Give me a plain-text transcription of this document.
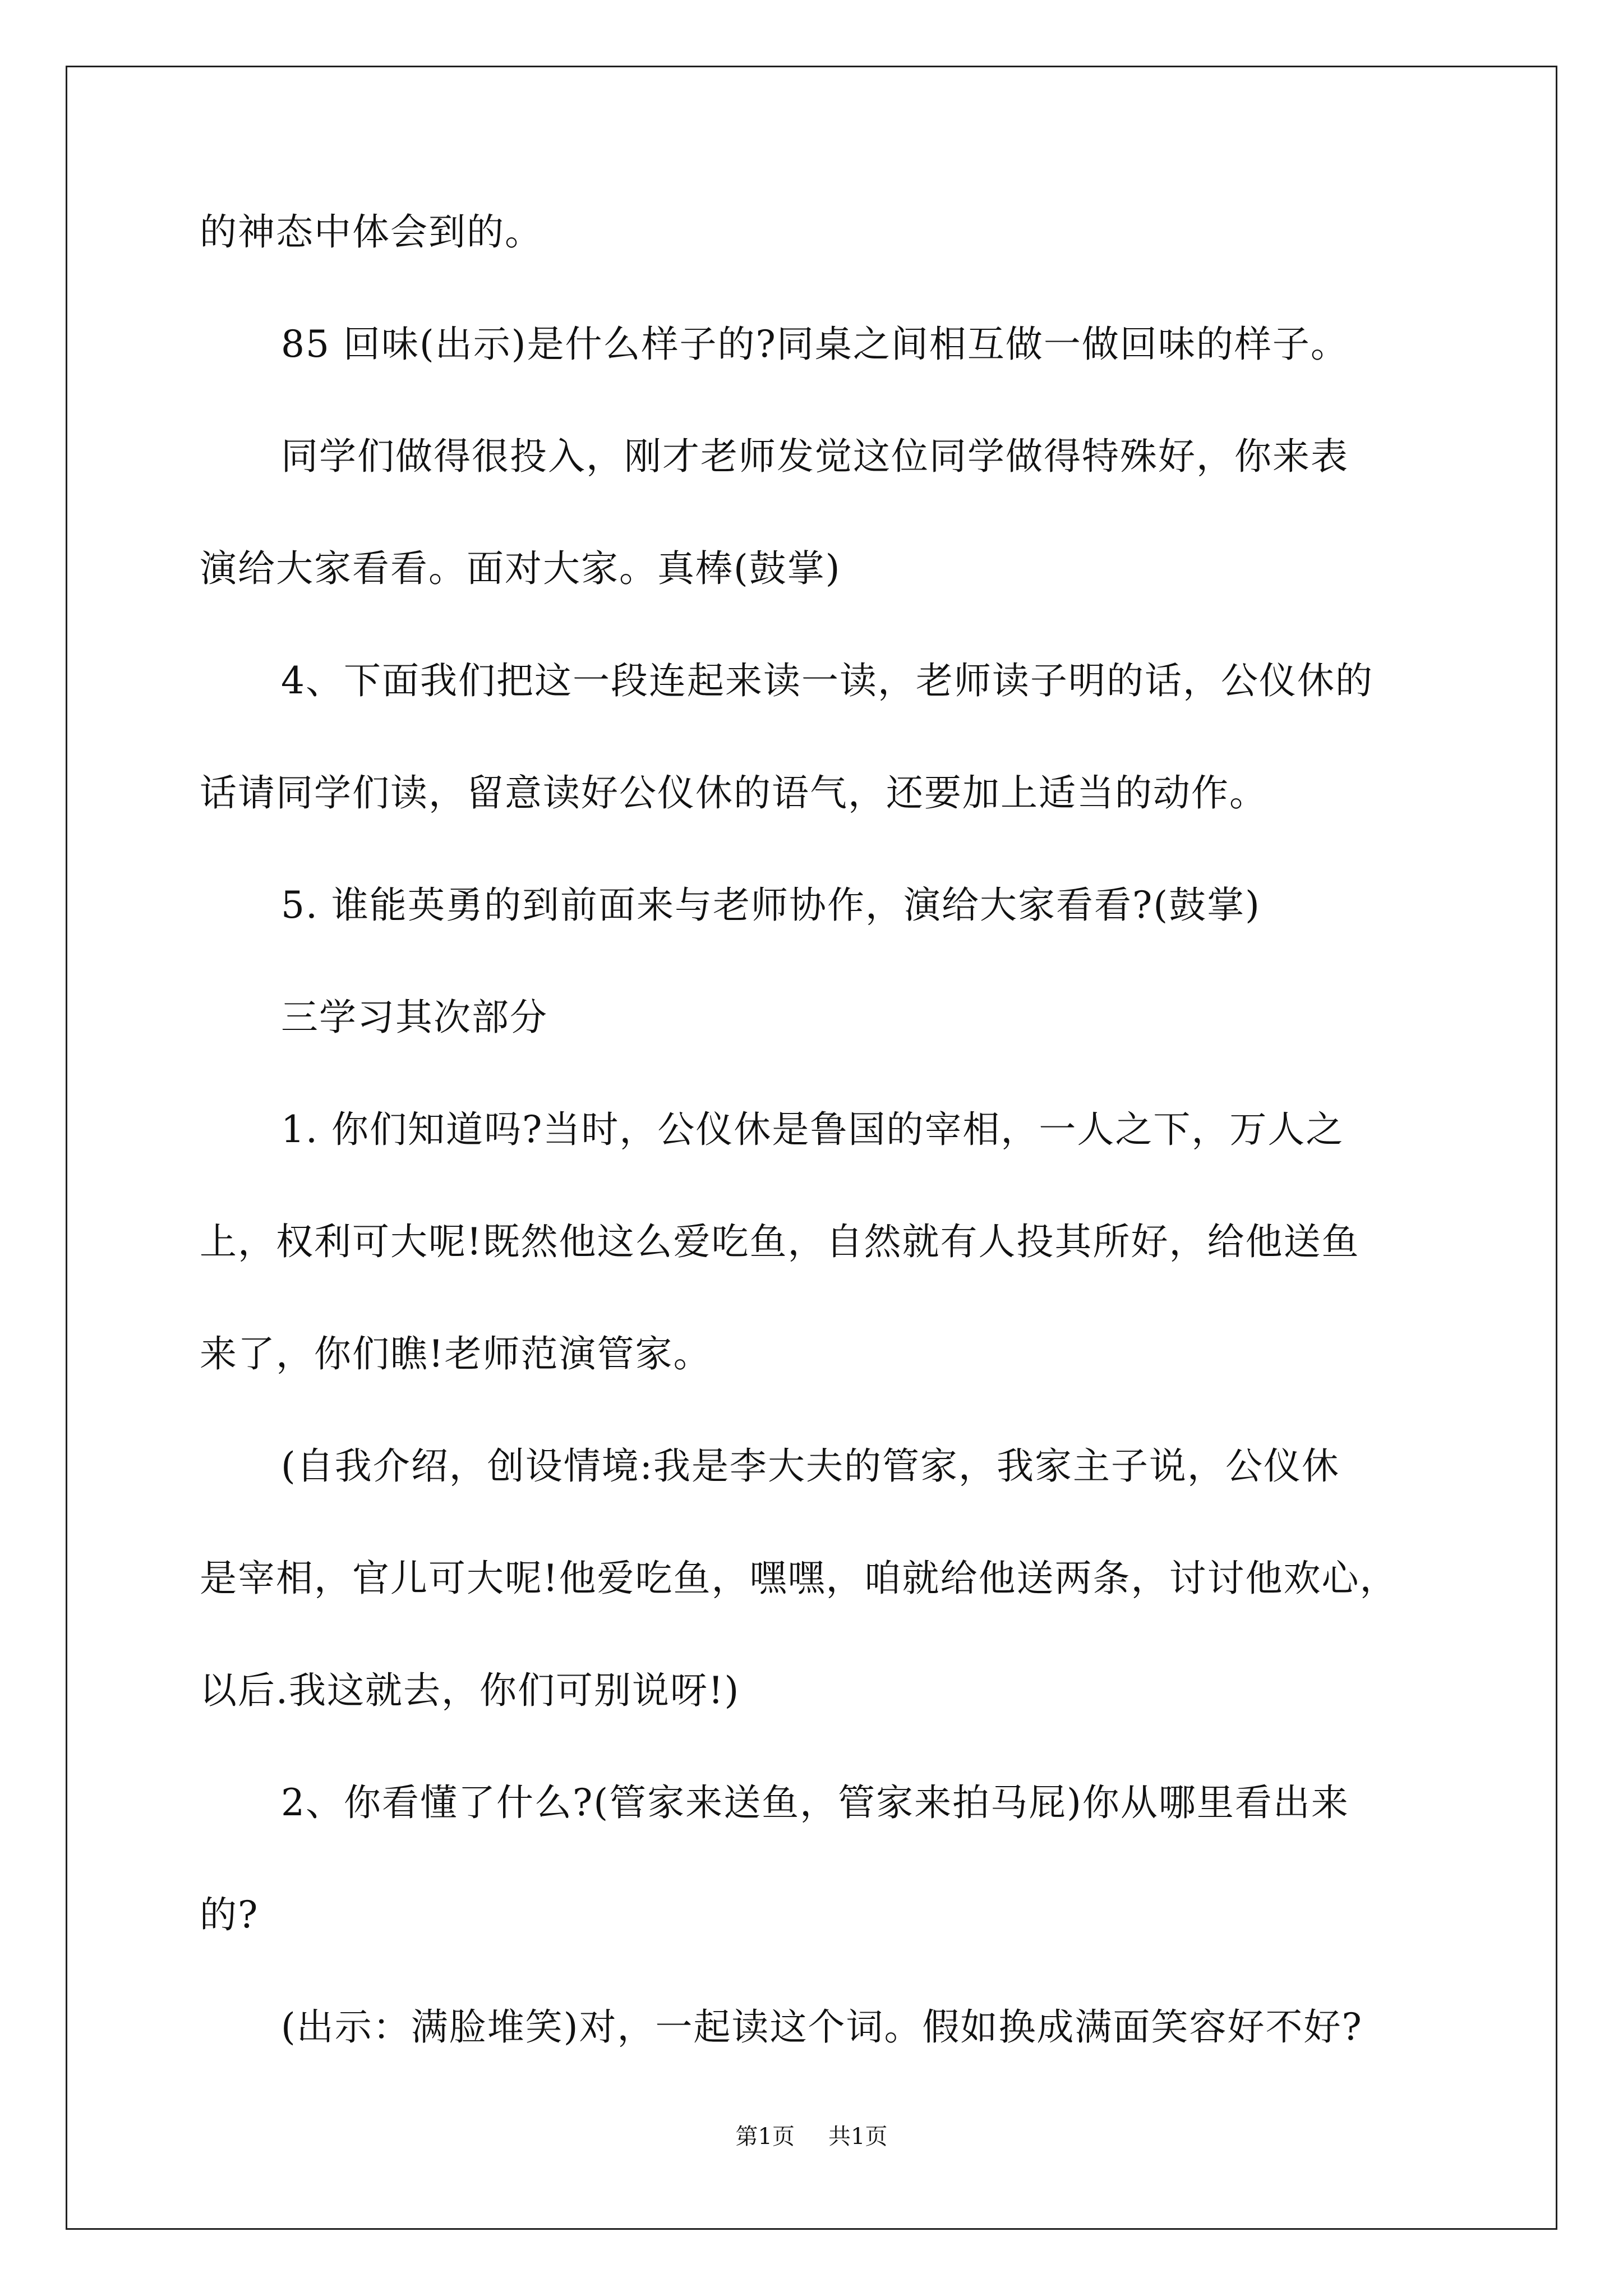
的神态中体会到的。
85 回味(出示)是什么样子的?同桌之间相互做一做回味的样子。
同学们做得很投入，刚才老师发觉这位同学做得特殊好，你来表
演给大家看看。面对大家。真棒(鼓掌)
4、下面我们把这一段连起来读一读，老师读子明的话，公仪休的
话请同学们读，留意读好公仪休的语气，还要加上适当的动作。
5. 谁能英勇的到前面来与老师协作，演给大家看看?(鼓掌)
三学习其次部分
1. 你们知道吗?当时，公仪休是鲁国的宰相，一人之下，万人之
上，权利可大呢!既然他这么爱吃鱼，自然就有人投其所好，给他送鱼
来了，你们瞧!老师范演管家。
(自我介绍，创设情境:我是李大夫的管家，我家主子说，公仪休
是宰相，官儿可大呢!他爱吃鱼，嘿嘿，咱就给他送两条，讨讨他欢心，
以后.我这就去，你们可别说呀!)
2、你看懂了什么?(管家来送鱼，管家来拍马屁)你从哪里看出来
的?
(出示：满脸堆笑)对，一起读这个词。假如换成满面笑容好不好?
第1页 共1页
